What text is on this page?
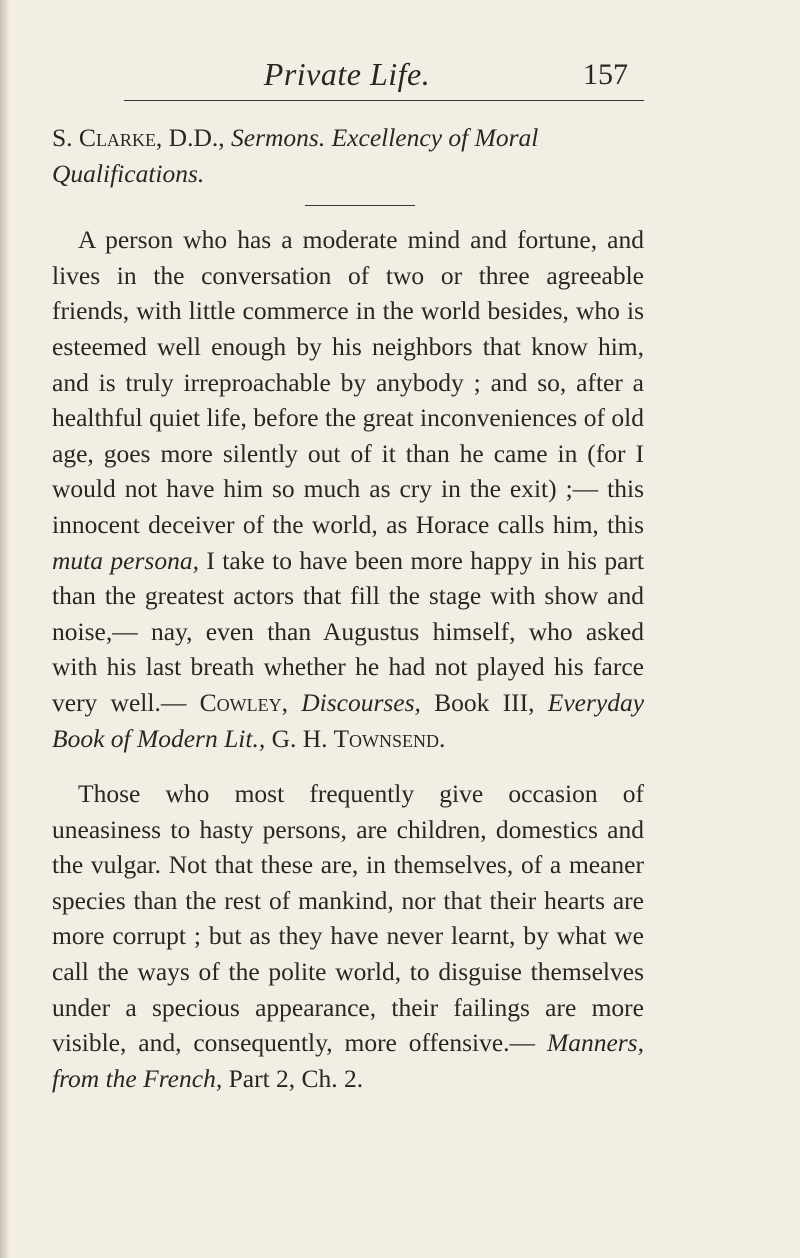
Private Life.	157

S. Clarke, D.D., Sermons. Excellency of Moral Qualifications.

A person who has a moderate mind and fortune, and lives in the conversation of two or three agreeable friends, with little commerce in the world besides, who is esteemed well enough by his neighbors that know him, and is truly irreproachable by anybody ; and so, after a healthful quiet life, before the great inconveniences of old age, goes more silently out of it than he came in (for I would not have him so much as cry in the exit) ;— this innocent deceiver of the world, as Horace calls him, this muta persona, I take to have been more happy in his part than the greatest actors that fill the stage with show and noise,— nay, even than Augustus himself, who asked with his last breath whether he had not played his farce very well.— Cowley, Discourses, Book III, Everyday Book of Modern Lit., G. H. Townsend.

Those who most frequently give occasion of uneasiness to hasty persons, are children, domestics and the vulgar. Not that these are, in themselves, of a meaner species than the rest of mankind, nor that their hearts are more corrupt ; but as they have never learnt, by what we call the ways of the polite world, to disguise themselves under a specious appearance, their failings are more visible, and, consequently, more offensive.— Manners, from the French, Part 2, Ch. 2.
